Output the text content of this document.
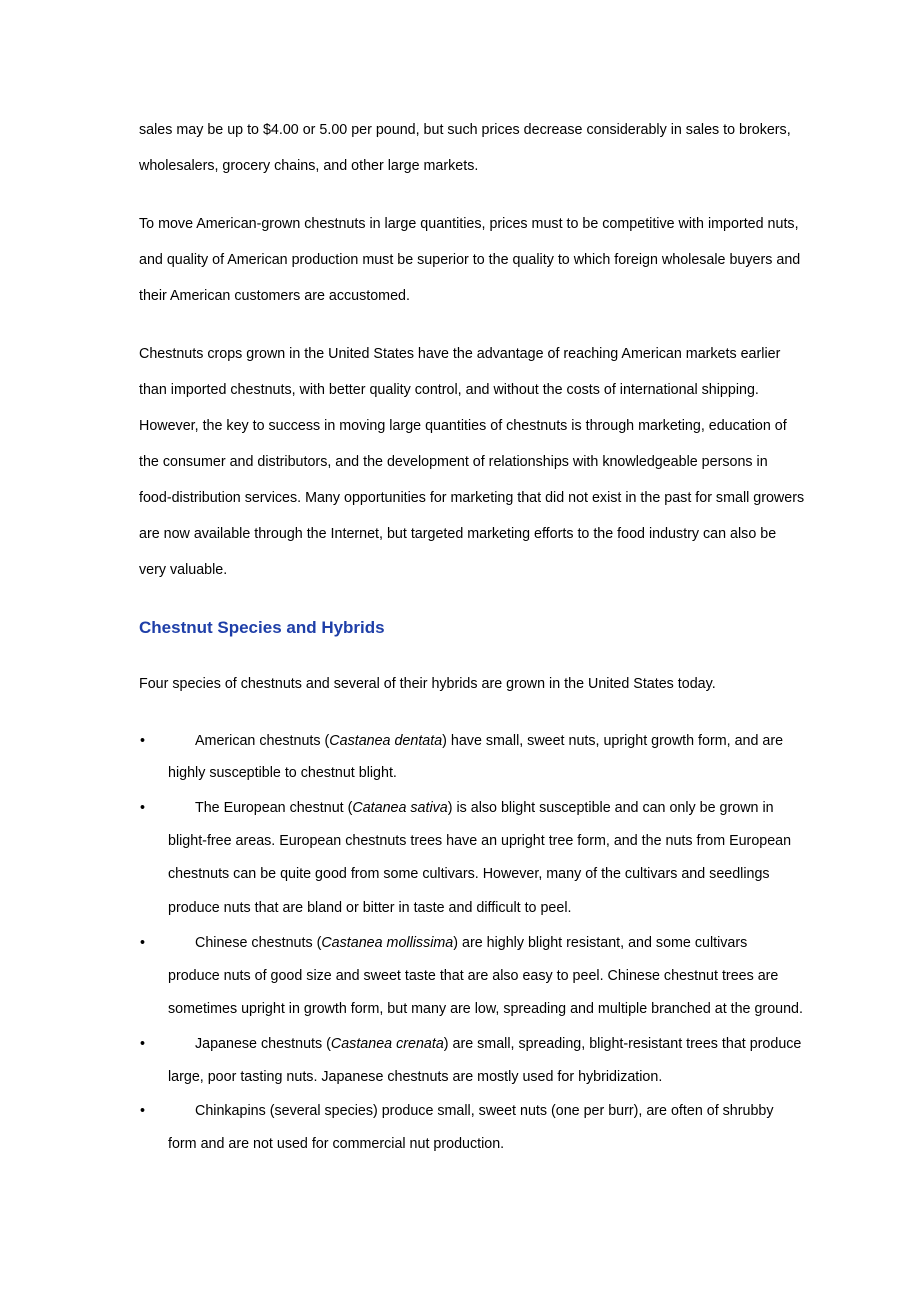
sales may be up to $4.00 or 5.00 per pound, but such prices decrease considerably in sales to brokers,
wholesalers, grocery chains, and other large markets.

To move American-grown chestnuts in large quantities, prices must to be competitive with imported nuts,
and quality of American production must be superior to the quality to which foreign wholesale buyers and
their American customers are accustomed.

Chestnuts crops grown in the United States have the advantage of reaching American markets earlier
than imported chestnuts, with better quality control, and without the costs of international shipping.
However, the key to success in moving large quantities of chestnuts is through marketing, education of
the consumer and distributors, and the development of relationships with knowledgeable persons in
food-distribution services. Many opportunities for marketing that did not exist in the past for small growers
are now available through the Internet, but targeted marketing efforts to the food industry can also be
very valuable.

Chestnut Species and Hybrids

Four species of chestnuts and several of their hybrids are grown in the United States today.

•	American chestnuts (Castanea dentata) have small, sweet nuts, upright growth form, and are
highly susceptible to chestnut blight.
•	The European chestnut (Catanea sativa) is also blight susceptible and can only be grown in
blight-free areas. European chestnuts trees have an upright tree form, and the nuts from European
chestnuts can be quite good from some cultivars. However, many of the cultivars and seedlings
produce nuts that are bland or bitter in taste and difficult to peel.
•	Chinese chestnuts (Castanea mollissima) are highly blight resistant, and some cultivars
produce nuts of good size and sweet taste that are also easy to peel. Chinese chestnut trees are
sometimes upright in growth form, but many are low, spreading and multiple branched at the ground.
•	Japanese chestnuts (Castanea crenata) are small, spreading, blight-resistant trees that produce
large, poor tasting nuts. Japanese chestnuts are mostly used for hybridization.
•	Chinkapins (several species) produce small, sweet nuts (one per burr), are often of shrubby
form and are not used for commercial nut production.
